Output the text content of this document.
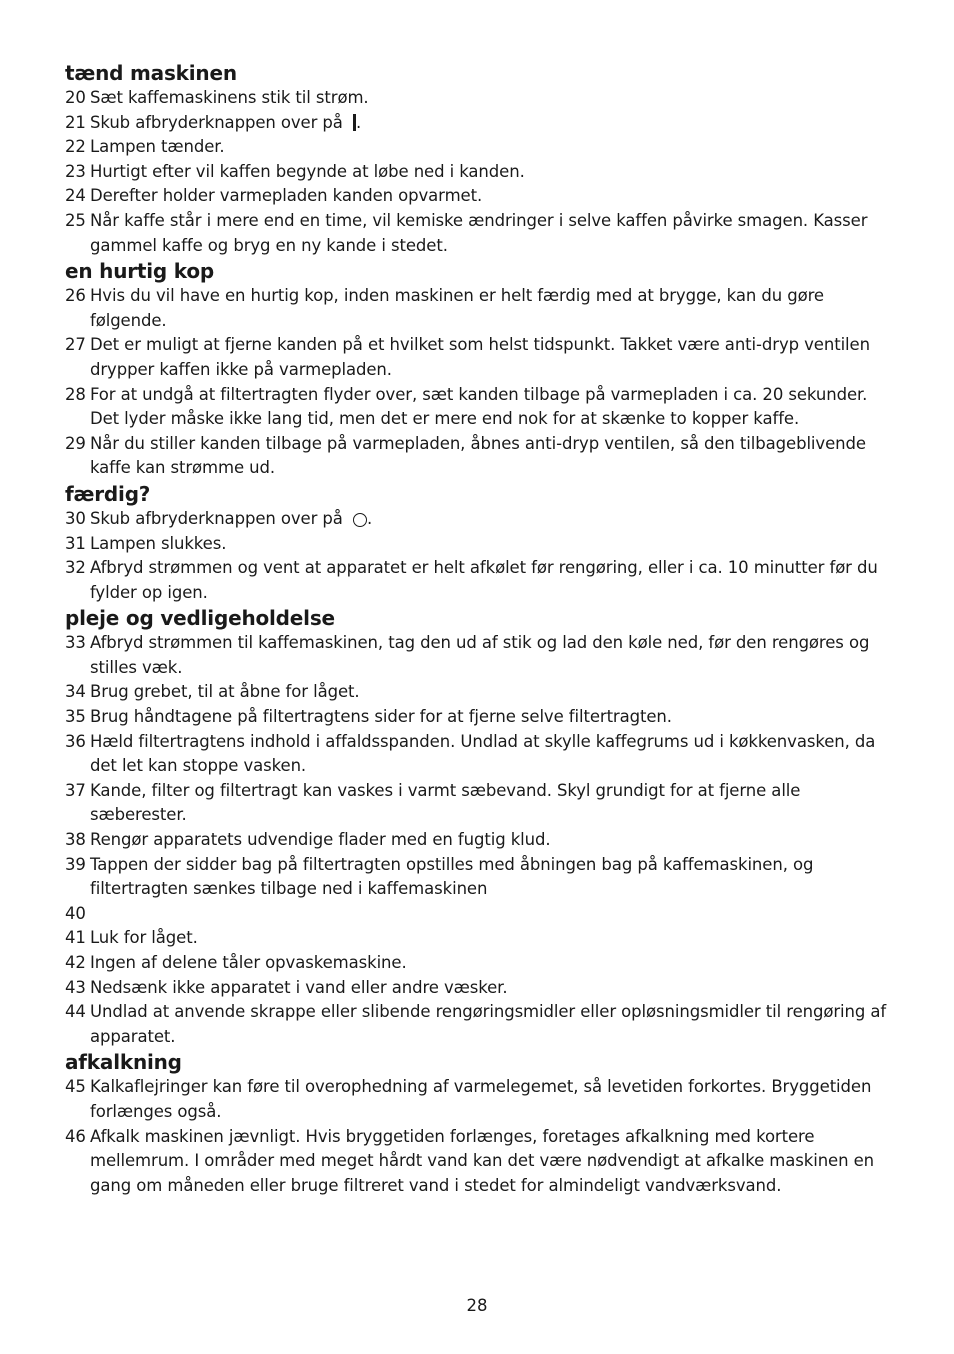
tænd maskinen
20 Sæt kaffemaskinens stik til strøm.
21 Skub afbryderknappen over på .
22 Lampen tænder.
23 Hurtigt efter vil kaffen begynde at løbe ned i kanden.
24 Derefter holder varmepladen kanden opvarmet.
25 Når kaffe står i mere end en time, vil kemiske ændringer i selve kaffen påvirke smagen. Kasser gammel kaffe og bryg en ny kande i stedet.
en hurtig kop
26 Hvis du vil have en hurtig kop, inden maskinen er helt færdig med at brygge, kan du gøre følgende.
27 Det er muligt at fjerne kanden på et hvilket som helst tidspunkt. Takket være anti-dryp ventilen drypper kaffen ikke på varmepladen.
28 For at undgå at filtertragten flyder over, sæt kanden tilbage på varmepladen i ca. 20 sekunder. Det lyder måske ikke lang tid, men det er mere end nok for at skænke to kopper kaffe.
29 Når du stiller kanden tilbage på varmepladen, åbnes anti-dryp ventilen, så den tilbageblivende kaffe kan strømme ud.
færdig?
30 Skub afbryderknappen over på .
31 Lampen slukkes.
32 Afbryd strømmen og vent at apparatet er helt afkølet før rengøring, eller i ca. 10 minutter før du fylder op igen.
pleje og vedligeholdelse
33 Afbryd strømmen til kaffemaskinen, tag den ud af stik og lad den køle ned, før den rengøres og stilles væk.
34 Brug grebet, til at åbne for låget.
35 Brug håndtagene på filtertragtens sider for at fjerne selve filtertragten.
36 Hæld filtertragtens indhold i affaldsspanden. Undlad at skylle kaffegrums ud i køkkenvasken, da det let kan stoppe vasken.
37 Kande, filter og filtertragt kan vaskes i varmt sæbevand. Skyl grundigt for at fjerne alle sæberester.
38 Rengør apparatets udvendige flader med en fugtig klud.
39 Tappen der sidder bag på filtertragten opstilles med åbningen bag på kaffemaskinen, og filtertragten sænkes tilbage ned i kaffemaskinen
40
41 Luk for låget.
42 Ingen af delene tåler opvaskemaskine.
43 Nedsænk ikke apparatet i vand eller andre væsker.
44 Undlad at anvende skrappe eller slibende rengøringsmidler eller opløsningsmidler til rengøring af apparatet.
afkalkning
45 Kalkaflejringer kan føre til overophedning af varmelegemet, så levetiden forkortes. Bryggetiden forlænges også.
46 Afkalk maskinen jævnligt. Hvis bryggetiden forlænges, foretages afkalkning med kortere mellemrum. I områder med meget hårdt vand kan det være nødvendigt at afkalke maskinen en gang om måneden eller bruge filtreret vand i stedet for almindeligt vandværksvand.
28
